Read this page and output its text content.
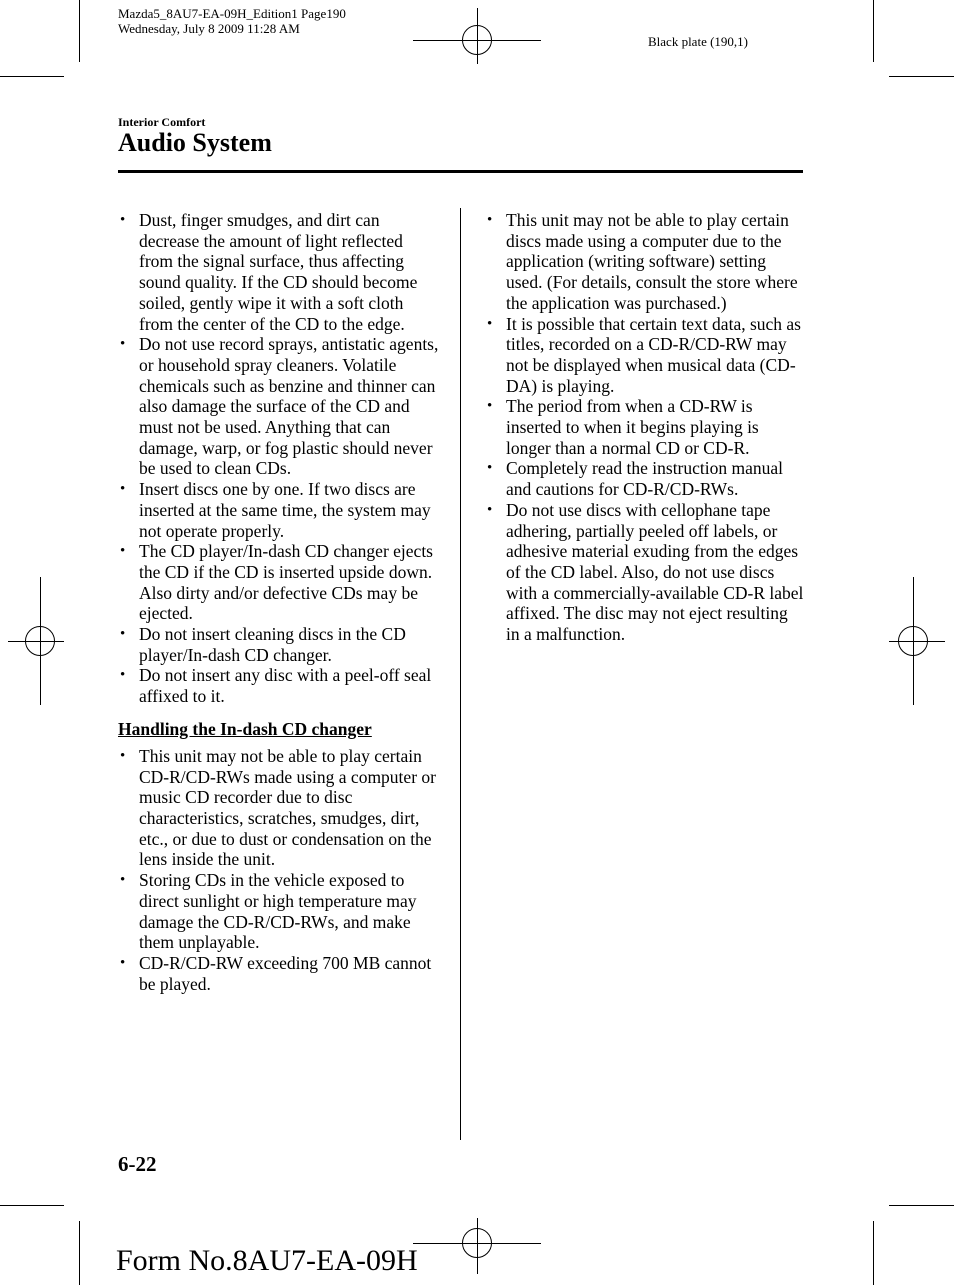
Mazda5_8AU7-EA-09H_Edition1 Page190
Wednesday, July 8 2009 11:28 AM
Black plate (190,1)
Interior Comfort
Audio System
• Dust, finger smudges, and dirt can decrease the amount of light reflected from the signal surface, thus affecting sound quality. If the CD should become soiled, gently wipe it with a soft cloth from the center of the CD to the edge.
• Do not use record sprays, antistatic agents, or household spray cleaners. Volatile chemicals such as benzine and thinner can also damage the surface of the CD and must not be used. Anything that can damage, warp, or fog plastic should never be used to clean CDs.
• Insert discs one by one. If two discs are inserted at the same time, the system may not operate properly.
• The CD player/In-dash CD changer ejects the CD if the CD is inserted upside down. Also dirty and/or defective CDs may be ejected.
• Do not insert cleaning discs in the CD player/In-dash CD changer.
• Do not insert any disc with a peel-off seal affixed to it.
Handling the In-dash CD changer
• This unit may not be able to play certain CD-R/CD-RWs made using a computer or music CD recorder due to disc characteristics, scratches, smudges, dirt, etc., or due to dust or condensation on the lens inside the unit.
• Storing CDs in the vehicle exposed to direct sunlight or high temperature may damage the CD-R/CD-RWs, and make them unplayable.
• CD-R/CD-RW exceeding 700 MB cannot be played.
• This unit may not be able to play certain discs made using a computer due to the application (writing software) setting used. (For details, consult the store where the application was purchased.)
• It is possible that certain text data, such as titles, recorded on a CD-R/CD-RW may not be displayed when musical data (CD-DA) is playing.
• The period from when a CD-RW is inserted to when it begins playing is longer than a normal CD or CD-R.
• Completely read the instruction manual and cautions for CD-R/CD-RWs.
• Do not use discs with cellophane tape adhering, partially peeled off labels, or adhesive material exuding from the edges of the CD label. Also, do not use discs with a commercially-available CD-R label affixed. The disc may not eject resulting in a malfunction.
6-22
Form No.8AU7-EA-09H
